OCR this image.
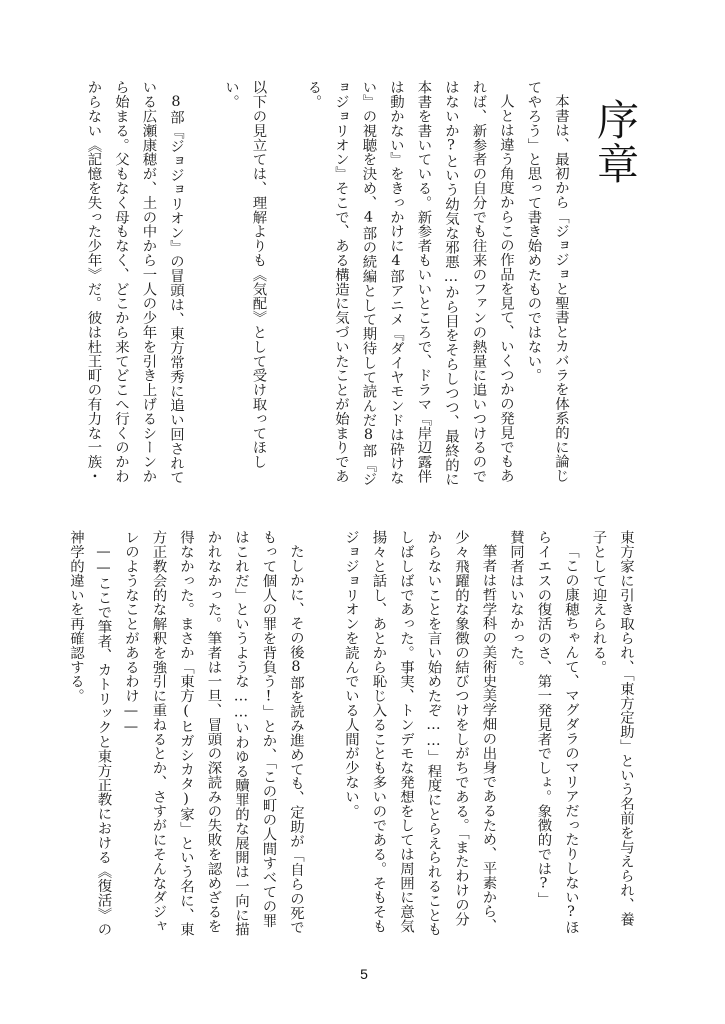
序章
本書は、最初から「ジョジョと聖書とカバラを体系的に論じ
てやろう」と思って書き始めたものではない。
人とは違う角度からこの作品を見て、いくつかの発見でもあ
れば、新参者の自分でも往来のファンの熱量に追いつけるので
はないか?という幼気な邪悪…から目をそらしつつ、最終的に
本書を書いている。新参者もいいところで、ドラマ『岸辺露伴
は動かない』をきっかけに4部アニメ『ダイヤモンドは砕けな
い』の視聴を決め、4部の続編として期待して読んだ8部『ジ
ョジョリオン』そこで、ある構造に気づいたことが始まりであ
る。
以下の見立ては、理解よりも《気配》として受け取ってほし
い。
8部『ジョジョリオン』の冒頭は、東方常秀に追い回されて
いる広瀬康穂が、土の中から一人の少年を引き上げるシーンか
ら始まる。父もなく母もなく、どこから来てどこへ行くのかわ
からない《記憶を失った少年》だ。彼は杜王町の有力な一族・
東方家に引き取られ、「東方定助」という名前を与えられ、養
子として迎えられる。
「この康穂ちゃんて、マグダラのマリアだったりしない?ほ
らイエスの復活のさ、第一発見者でしょ。象徴的では?」
賛同者はいなかった。
筆者は哲学科の美術史美学畑の出身であるため、平素から、
少々飛躍的な象徴の結びつけをしがちである。「またわけの分
からないことを言い始めたぞ……」程度にとらえられることも
しばしばであった。事実、トンデモな発想をしては周囲に意気
揚々と話し、あとから恥じ入ることも多いのである。そもそも
ジョジョリオンを読んでいる人間が少ない。
たしかに、その後8部を読み進めても、定助が「自らの死で
もって個人の罪を背負う!」とか、「この町の人間すべての罪
はこれだ」というような……いわゆる贖罪的な展開は一向に描
かれなかった。筆者は一旦、冒頭の深読みの失敗を認めざるを
得なかった。まさか「東方(ヒガシカタ)家」という名に、東
方正教会的な解釈を強引に重ねるとか、さすがにそんなダジャ
レのようなことがあるわけ——
——ここで筆者、カトリックと東方正教における《復活》の
神学的違いを再確認する。
5
